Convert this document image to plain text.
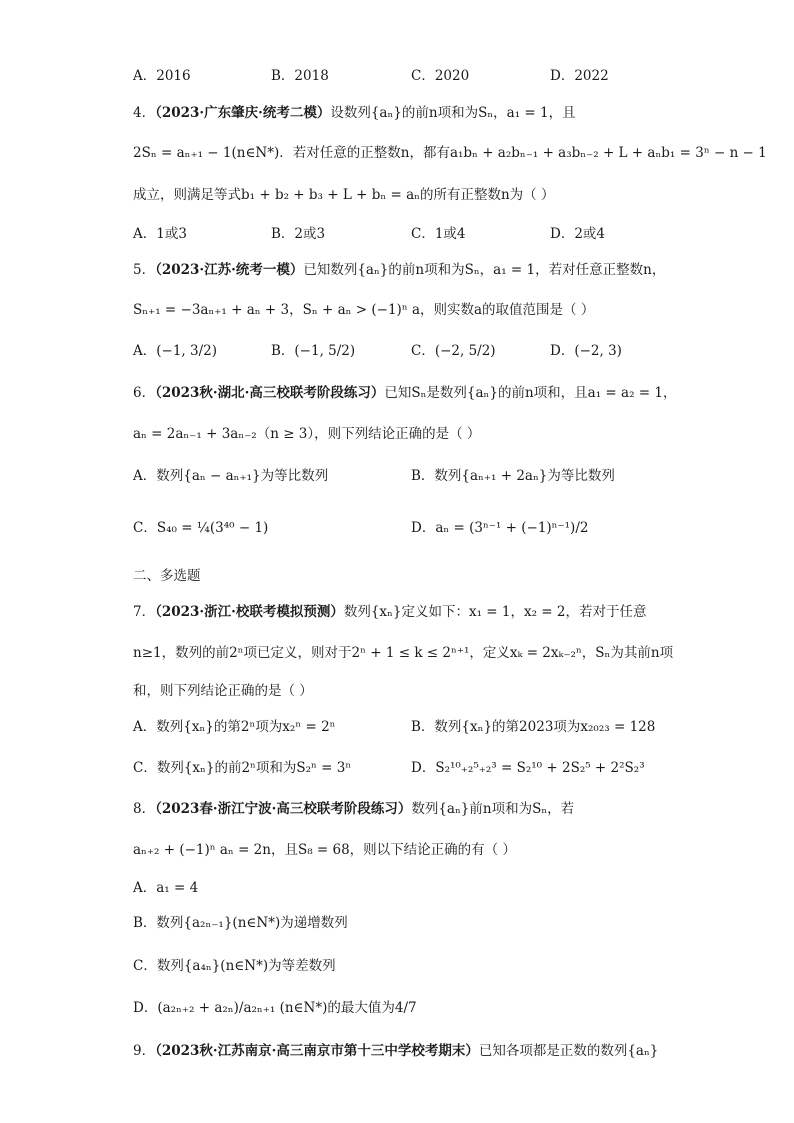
A．2016	B．2018	C．2020	D．2022
4．（2023·广东肇庆·统考二模）设数列{aₙ}的前n项和为Sₙ，a₁ = 1，且
2Sₙ = aₙ₊₁ − 1(n∈N*)．若对任意的正整数n，都有a₁bₙ + a₂bₙ₋₁ + a₃bₙ₋₂ + L + aₙb₁ = 3ⁿ − n − 1
成立，则满足等式b₁ + b₂ + b₃ + L + bₙ = aₙ的所有正整数n为（ ）
A．1或3	B．2或3	C．1或4	D．2或4
5．（2023·江苏·统考一模）已知数列{aₙ}的前n项和为Sₙ，a₁ = 1，若对任意正整数n，
Sₙ₊₁ = −3aₙ₊₁ + aₙ + 3，Sₙ + aₙ > (−1)ⁿ a，则实数a的取值范围是（ ）
A．(−1, 3/2)	B．(−1, 5/2)	C．(−2, 5/2)	D．(−2, 3)
6．（2023秋·湖北·高三校联考阶段练习）已知Sₙ是数列{aₙ}的前n项和，且a₁ = a₂ = 1，
aₙ = 2aₙ₋₁ + 3aₙ₋₂（n ≥ 3），则下列结论正确的是（ ）
A．数列{aₙ − aₙ₊₁}为等比数列	B．数列{aₙ₊₁ + 2aₙ}为等比数列
C．S₄₀ = ¼(3⁴⁰ − 1)	D．aₙ = (3ⁿ⁻¹ + (−1)ⁿ⁻¹)/2
二、多选题
7．（2023·浙江·校联考模拟预测）数列{xₙ}定义如下：x₁ = 1，x₂ = 2，若对于任意
n≥1，数列的前2ⁿ项已定义，则对于2ⁿ + 1 ≤ k ≤ 2ⁿ⁺¹，定义xₖ = 2xₖ₋₂ⁿ，Sₙ为其前n项
和，则下列结论正确的是（ ）
A．数列{xₙ}的第2ⁿ项为x₂ⁿ = 2ⁿ	B．数列{xₙ}的第2023项为x₂₀₂₃ = 128
C．数列{xₙ}的前2ⁿ项和为S₂ⁿ = 3ⁿ	D．S₂¹⁰₊₂⁵₊₂³ = S₂¹⁰ + 2S₂⁵ + 2²S₂³
8．（2023春·浙江宁波·高三校联考阶段练习）数列{aₙ}前n项和为Sₙ，若
aₙ₊₂ + (−1)ⁿ aₙ = 2n，且S₈ = 68，则以下结论正确的有（ ）
A．a₁ = 4
B．数列{a₂ₙ₋₁}(n∈N*)为递增数列
C．数列{a₄ₙ}(n∈N*)为等差数列
D．(a₂ₙ₊₂ + a₂ₙ)/a₂ₙ₊₁ (n∈N*)的最大值为4/7
9．（2023秋·江苏南京·高三南京市第十三中学校考期末）已知各项都是正数的数列{aₙ}
